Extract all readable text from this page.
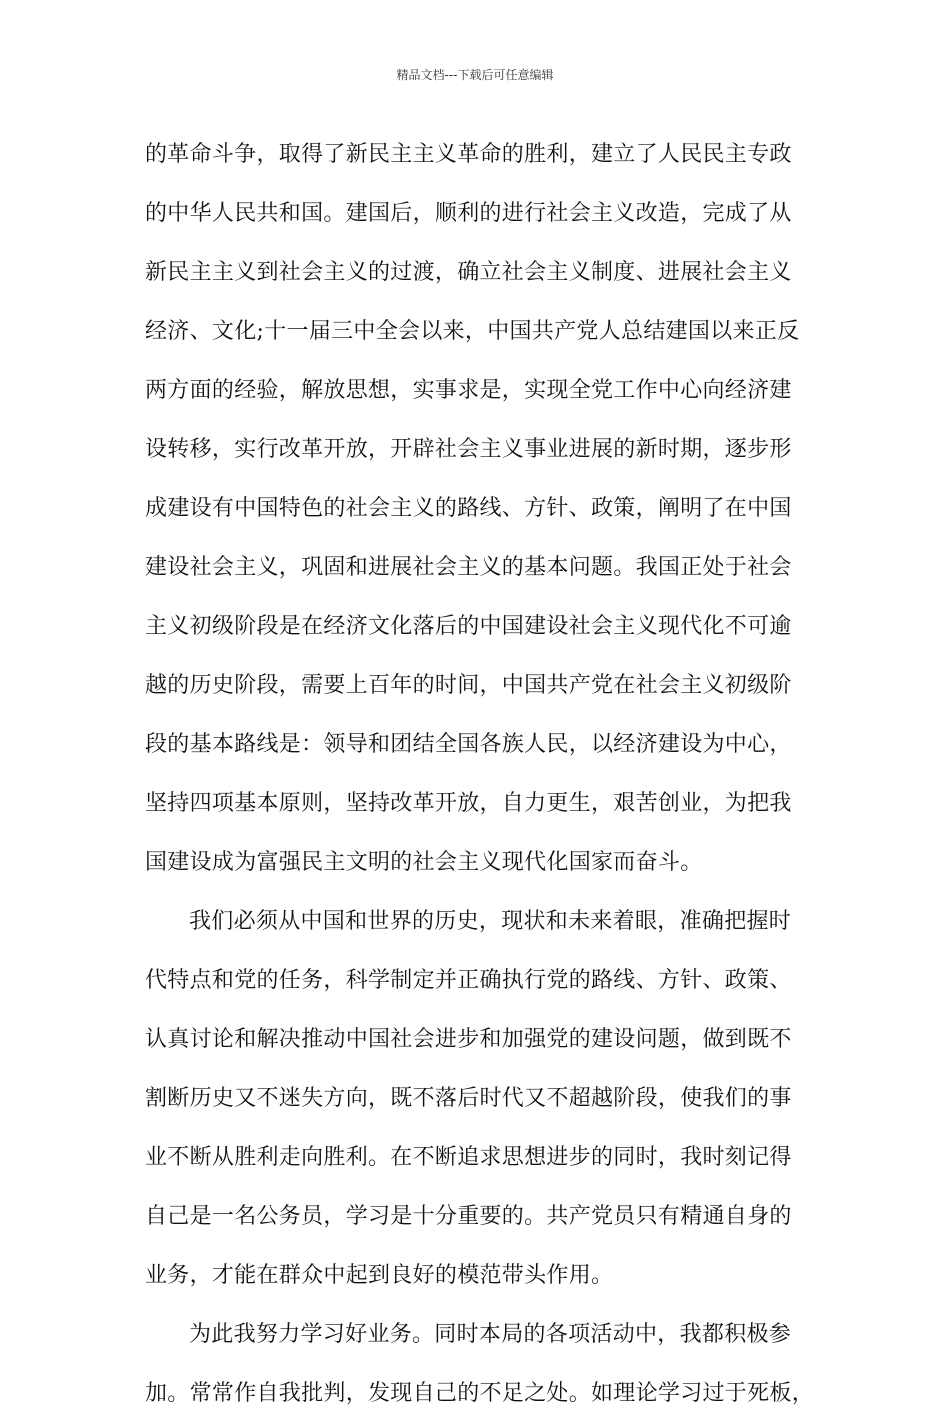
精品文档---下载后可任意编辑
的革命斗争，取得了新民主主义革命的胜利，建立了人民民主专政
的中华人民共和国。建国后，顺利的进行社会主义改造，完成了从
新民主主义到社会主义的过渡，确立社会主义制度、进展社会主义
经济、文化;十一届三中全会以来，中国共产党人总结建国以来正反
两方面的经验，解放思想，实事求是，实现全党工作中心向经济建
设转移，实行改革开放，开辟社会主义事业进展的新时期，逐步形
成建设有中国特色的社会主义的路线、方针、政策，阐明了在中国
建设社会主义，巩固和进展社会主义的基本问题。我国正处于社会
主义初级阶段是在经济文化落后的中国建设社会主义现代化不可逾
越的历史阶段，需要上百年的时间，中国共产党在社会主义初级阶
段的基本路线是：领导和团结全国各族人民，以经济建设为中心，
坚持四项基本原则，坚持改革开放，自力更生，艰苦创业，为把我
国建设成为富强民主文明的社会主义现代化国家而奋斗。
我们必须从中国和世界的历史，现状和未来着眼，准确把握时
代特点和党的任务，科学制定并正确执行党的路线、方针、政策、
认真讨论和解决推动中国社会进步和加强党的建设问题，做到既不
割断历史又不迷失方向，既不落后时代又不超越阶段，使我们的事
业不断从胜利走向胜利。在不断追求思想进步的同时，我时刻记得
自己是一名公务员，学习是十分重要的。共产党员只有精通自身的
业务，才能在群众中起到良好的模范带头作用。
为此我努力学习好业务。同时本局的各项活动中，我都积极参
加。常常作自我批判，发现自己的不足之处。如理论学习过于死板，
